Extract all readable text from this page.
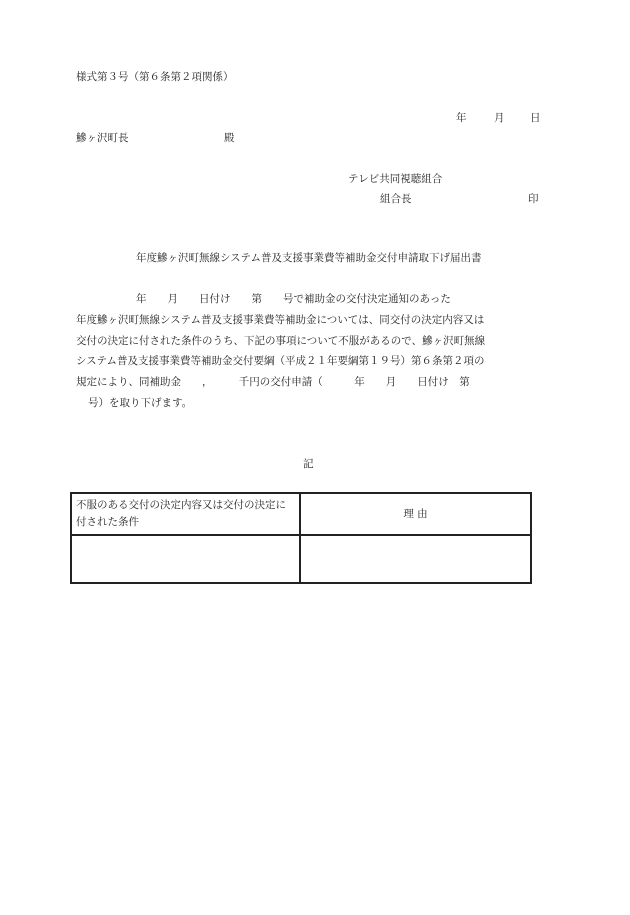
様式第３号（第６条第２項関係）
年	月 日
鰺ヶ沢町長	殿
テレビ共同視聴組合
組合長	印
年度鰺ヶ沢町無線システム普及支援事業費等補助金交付申請取下げ届出書
年　　月　　日付け　　第　　号で補助金の交付決定通知のあった
年度鰺ヶ沢町無線システム普及支援事業費等補助金については、同交付の決定内容又は
交付の決定に付された条件のうち、下記の事項について不服があるので、鰺ヶ沢町無線
システム普及支援事業費等補助金交付要綱（平成２１年要綱第１９号）第６条第２項の
規定により、同補助金　　，　　　千円の交付申請（　　　年　　月　　日付け　第
号）を取り下げます。
記
不服のある交付の決定内容又は交付の決定に付された条件	理 由
